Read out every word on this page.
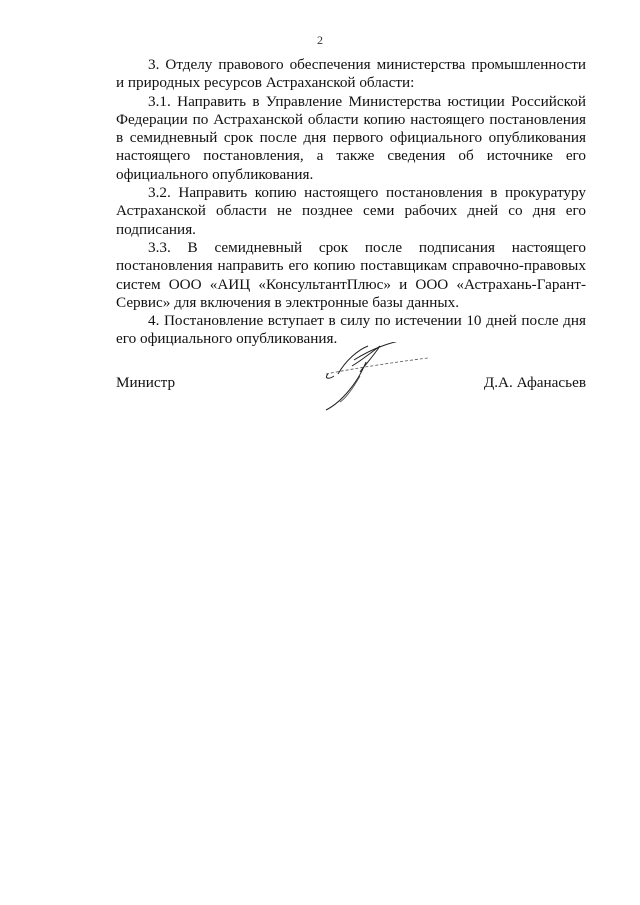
2

3. Отделу правового обеспечения министерства промышленности и природных ресурсов Астраханской области:

3.1. Направить в Управление Министерства юстиции Российской Федерации по Астраханской области копию настоящего постановления в семидневный срок после дня первого официального опубликования настоящего постановления, а также сведения об источнике его официального опубликования.

3.2. Направить копию настоящего постановления в прокуратуру Астраханской области не позднее семи рабочих дней со дня его подписания.

3.3. В семидневный срок после подписания настоящего постановления направить его копию поставщикам справочно-правовых систем ООО «АИЦ «КонсультантПлюс» и ООО «Астрахань-Гарант-Сервис» для включения в электронные базы данных.

4. Постановление вступает в силу по истечении 10 дней после дня его официального опубликования.

Министр	Д.А. Афанасьев
